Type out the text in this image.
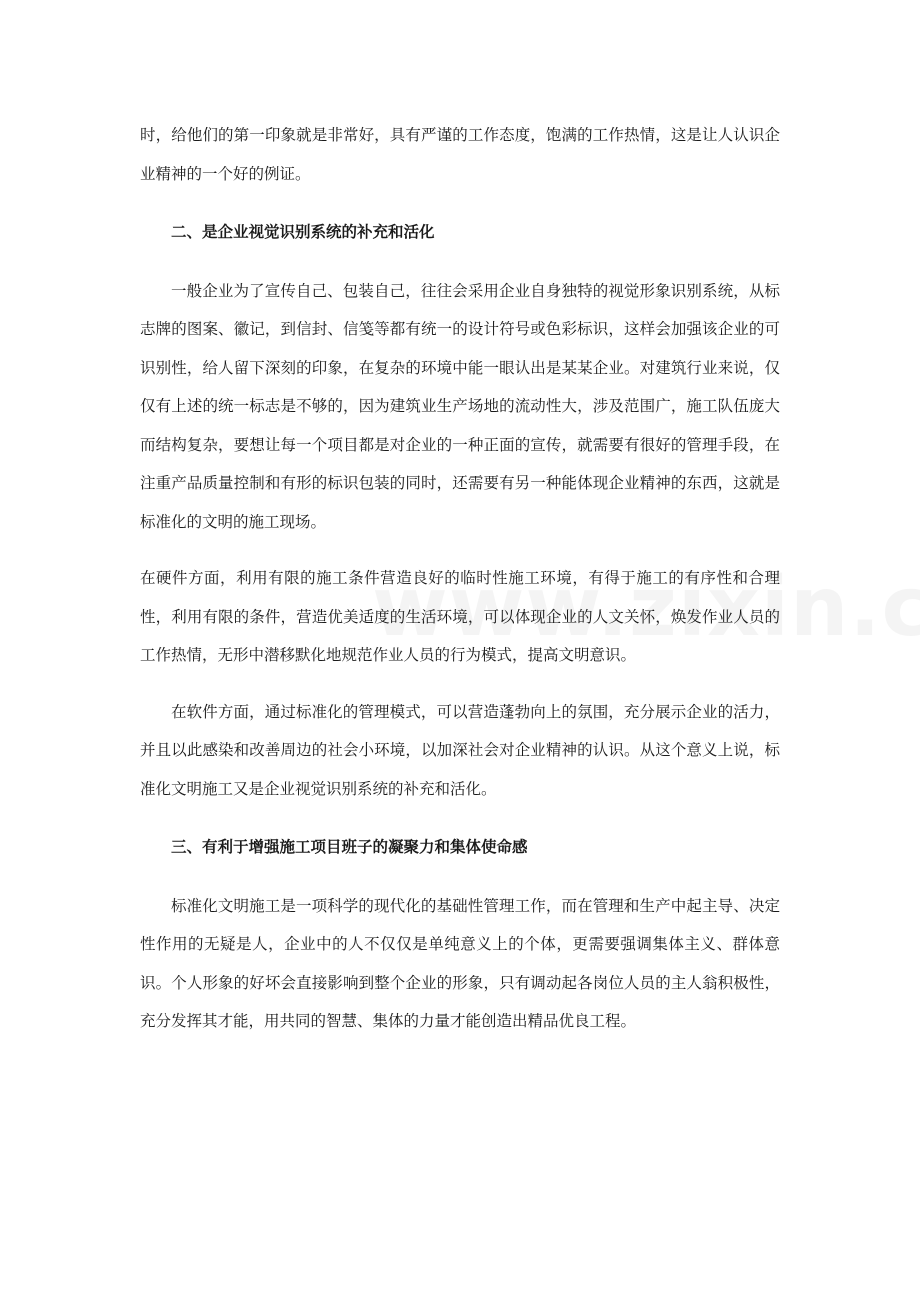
时，给他们的第一印象就是非常好，具有严谨的工作态度，饱满的工作热情，这是让人认识企业精神的一个好的例证。

二、是企业视觉识别系统的补充和活化

一般企业为了宣传自己、包装自己，往往会采用企业自身独特的视觉形象识别系统，从标志牌的图案、徽记，到信封、信笺等都有统一的设计符号或色彩标识，这样会加强该企业的可识别性，给人留下深刻的印象，在复杂的环境中能一眼认出是某某企业。对建筑行业来说，仅仅有上述的统一标志是不够的，因为建筑业生产场地的流动性大，涉及范围广，施工队伍庞大而结构复杂，要想让每一个项目都是对企业的一种正面的宣传，就需要有很好的管理手段，在注重产品质量控制和有形的标识包装的同时，还需要有另一种能体现企业精神的东西，这就是标准化的文明的施工现场。

在硬件方面，利用有限的施工条件营造良好的临时性施工环境，有得于施工的有序性和合理性，利用有限的条件，营造优美适度的生活环境，可以体现企业的人文关怀，焕发作业人员的工作热情，无形中潜移默化地规范作业人员的行为模式，提高文明意识。

在软件方面，通过标准化的管理模式，可以营造蓬勃向上的氛围，充分展示企业的活力，并且以此感染和改善周边的社会小环境，以加深社会对企业精神的认识。从这个意义上说，标准化文明施工又是企业视觉识别系统的补充和活化。

三、有利于增强施工项目班子的凝聚力和集体使命感

标准化文明施工是一项科学的现代化的基础性管理工作，而在管理和生产中起主导、决定性作用的无疑是人，企业中的人不仅仅是单纯意义上的个体，更需要强调集体主义、群体意识。个人形象的好坏会直接影响到整个企业的形象，只有调动起各岗位人员的主人翁积极性，充分发挥其才能，用共同的智慧、集体的力量才能创造出精品优良工程。
